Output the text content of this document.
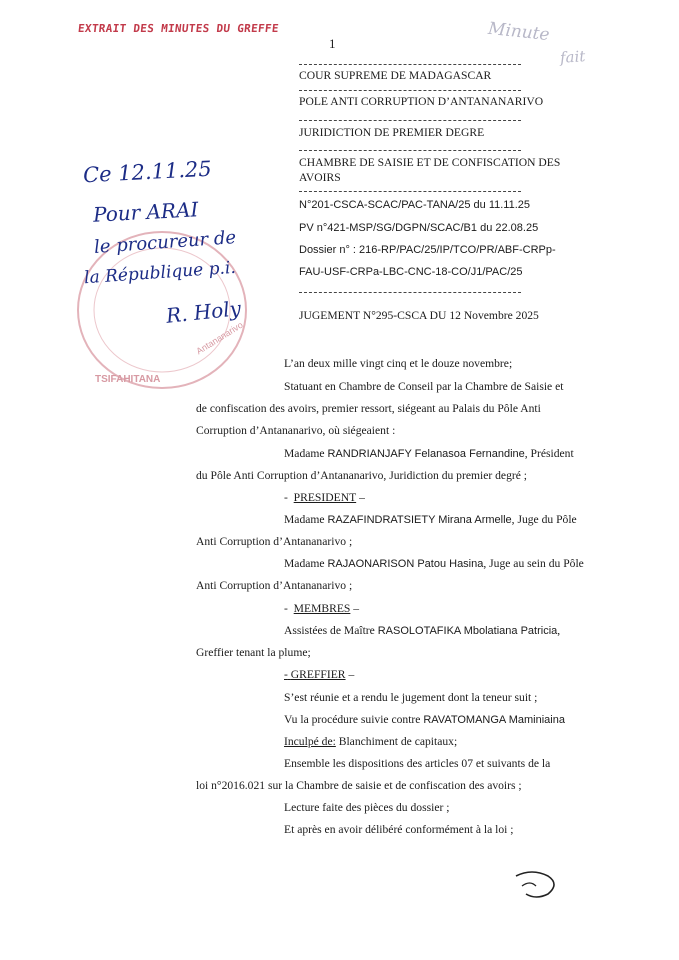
EXTRAIT DES MINUTES DU GREFFE
1	Minute
fait
COUR SUPREME DE MADAGASCAR
POLE ANTI CORRUPTION D’ANTANANARIVO
JURIDICTION DE PREMIER DEGRE
CHAMBRE DE SAISIE ET DE CONFISCATION DES
AVOIRS
N°201-CSCA-SCAC/PAC-TANA/25 du 11.11.25
PV n°421-MSP/SG/DGPN/SCAC/B1 du 22.08.25
Dossier n° : 216-RP/PAC/25/IP/TCO/PR/ABF-CRPp-
FAU-USF-CRPa-LBC-CNC-18-CO/J1/PAC/25
JUGEMENT N°295-CSCA DU 12 Novembre 2025
TSIFAHITANA
Antananarivo
Ce 12.11.25
Pour ARAI
le procureur de
la République p.i.
R. Holy
L’an deux mille vingt cinq et le douze novembre;
Statuant en Chambre de Conseil par la Chambre de Saisie et
de confiscation des avoirs, premier ressort, siégeant au Palais du Pôle Anti
Corruption d’Antananarivo, où siégeaient :
Madame RANDRIANJAFY Felanasoa Fernandine, Président
du Pôle Anti Corruption d’Antananarivo, Juridiction du premier degré ;
- PRESIDENT –
Madame RAZAFINDRATSIETY Mirana Armelle, Juge du Pôle
Anti Corruption d’Antananarivo ;
Madame RAJAONARISON Patou Hasina, Juge au sein du Pôle
Anti Corruption d’Antananarivo ;
- MEMBRES –
Assistées de Maître RASOLOTAFIKA Mbolatiana Patricia,
Greffier tenant la plume;
- GREFFIER –
S’est réunie et a rendu le jugement dont la teneur suit ;
Vu la procédure suivie contre RAVATOMANGA Maminiaina
Inculpé de: Blanchiment de capitaux;
Ensemble les dispositions des articles 07 et suivants de la
loi n°2016.021 sur la Chambre de saisie et de confiscation des avoirs ;
Lecture faite des pièces du dossier ;
Et après en avoir délibéré conformément à la loi ;
